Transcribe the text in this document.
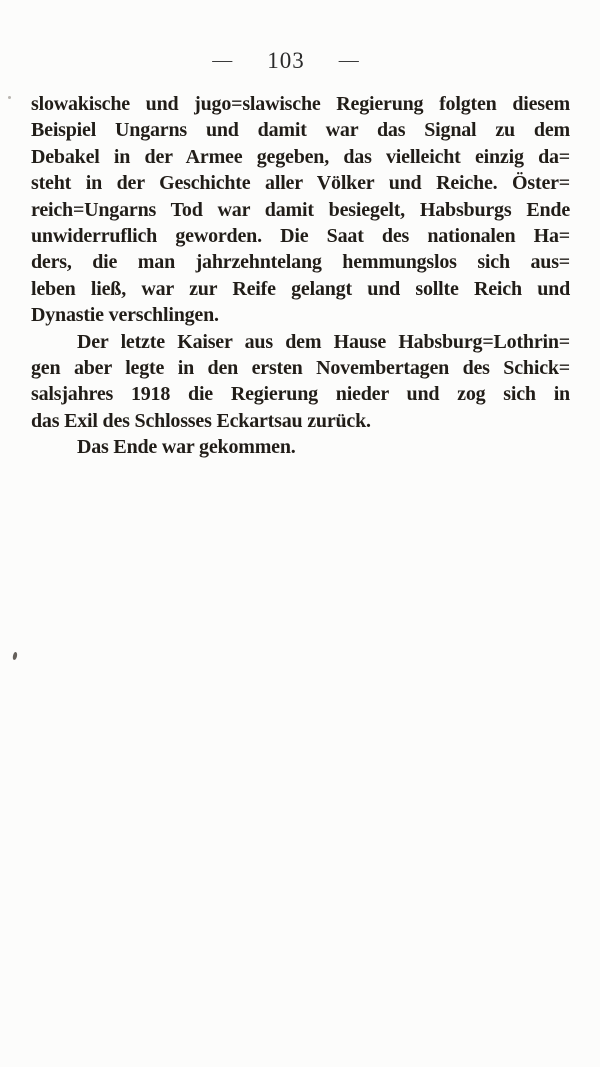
— 103 —
slowakische und jugo=slawische Regierung folgten diesem
Beispiel Ungarns und damit war das Signal zu dem
Debakel in der Armee gegeben, das vielleicht einzig da=
steht in der Geschichte aller Völker und Reiche. Öster=
reich=Ungarns Tod war damit besiegelt, Habsburgs Ende
unwiderruflich geworden. Die Saat des nationalen Ha=
ders, die man jahrzehntelang hemmungslos sich aus=
leben ließ, war zur Reife gelangt und sollte Reich und
Dynastie verschlingen.
Der letzte Kaiser aus dem Hause Habsburg=Lothrin=
gen aber legte in den ersten Novembertagen des Schick=
salsjahres 1918 die Regierung nieder und zog sich in
das Exil des Schlosses Eckartsau zurück.
Das Ende war gekommen.
